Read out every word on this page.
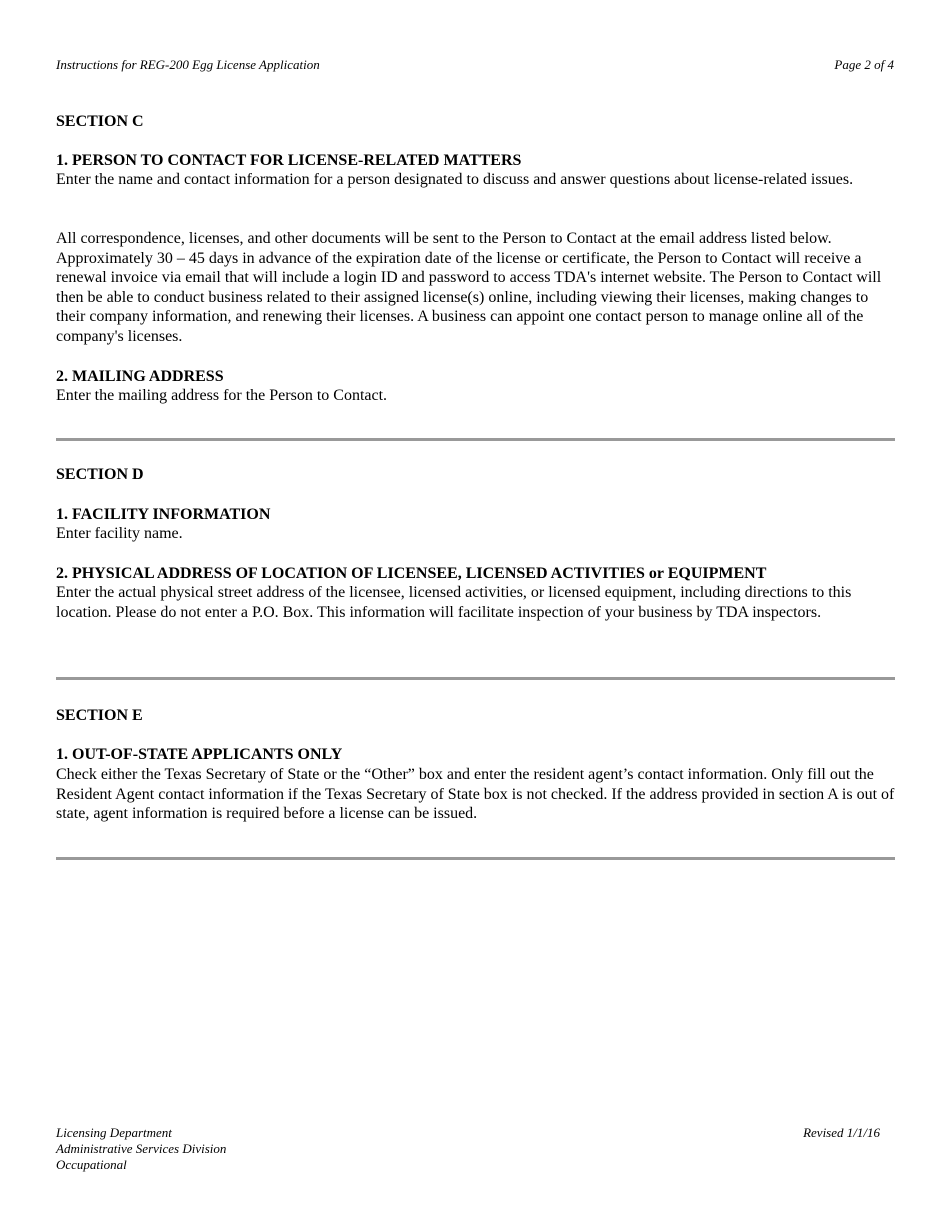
Instructions for REG-200 Egg License Application	Page 2 of 4
SECTION C
1. PERSON TO CONTACT FOR LICENSE-RELATED MATTERS

Enter the name and contact information for a person designated to discuss and answer questions about license-related issues.

All correspondence, licenses, and other documents will be sent to the Person to Contact at the email address listed below. Approximately 30 – 45 days in advance of the expiration date of the license or certificate, the Person to Contact will receive a renewal invoice via email that will include a login ID and password to access TDA's internet website. The Person to Contact will then be able to conduct business related to their assigned license(s) online, including viewing their licenses, making changes to their company information, and renewing their licenses. A business can appoint one contact person to manage online all of the company's licenses.

2. MAILING ADDRESS

Enter the mailing address for the Person to Contact.

SECTION D
1. FACILITY INFORMATION

Enter facility name.

2. PHYSICAL ADDRESS OF LOCATION OF LICENSEE, LICENSED ACTIVITIES or EQUIPMENT

Enter the actual physical street address of the licensee, licensed activities, or licensed equipment, including directions to this location. Please do not enter a P.O. Box. This information will facilitate inspection of your business by TDA inspectors.

SECTION E
1. OUT-OF-STATE APPLICANTS ONLY

Check either the Texas Secretary of State or the “Other” box and enter the resident agent’s contact information. Only fill out the Resident Agent contact information if the Texas Secretary of State box is not checked. If the address provided in section A is out of state, agent information is required before a license can be issued.

Licensing Department
Administrative Services Division
Occupational
Revised 1/1/16
